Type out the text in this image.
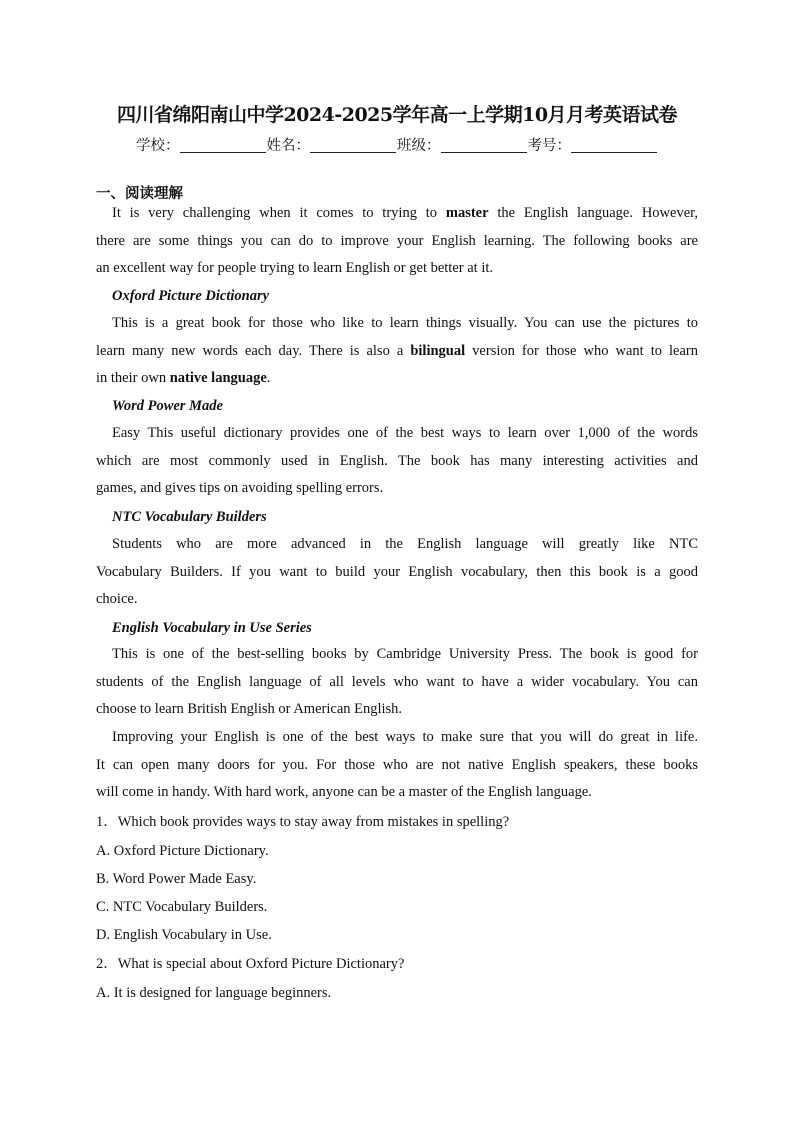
四川省绵阳南山中学2024-2025学年高一上学期10月月考英语试卷
学校：	姓名：	班级：	考号：
一、阅读理解
It is very challenging when it comes to trying to master the English language. However,
there are some things you can do to improve your English learning. The following books are
an excellent way for people trying to learn English or get better at it.
Oxford Picture Dictionary
This is a great book for those who like to learn things visually. You can use the pictures to
learn many new words each day. There is also a bilingual version for those who want to learn
in their own native language.
Word Power Made
Easy This useful dictionary provides one of the best ways to learn over 1,000 of the words
which are most commonly used in English. The book has many interesting activities and
games, and gives tips on avoiding spelling errors.
NTC Vocabulary Builders
Students who are more advanced in the English language will greatly like NTC
Vocabulary Builders. If you want to build your English vocabulary, then this book is a good
choice.
English Vocabulary in Use Series
This is one of the best-selling books by Cambridge University Press. The book is good for
students of the English language of all levels who want to have a wider vocabulary. You can
choose to learn British English or American English.
Improving your English is one of the best ways to make sure that you will do great in life.
It can open many doors for you. For those who are not native English speakers, these books
will come in handy. With hard work, anyone can be a master of the English language.
1．Which book provides ways to stay away from mistakes in spelling?
A. Oxford Picture Dictionary.
B. Word Power Made Easy.
C. NTC Vocabulary Builders.
D. English Vocabulary in Use.
2．What is special about Oxford Picture Dictionary?
A. It is designed for language beginners.
